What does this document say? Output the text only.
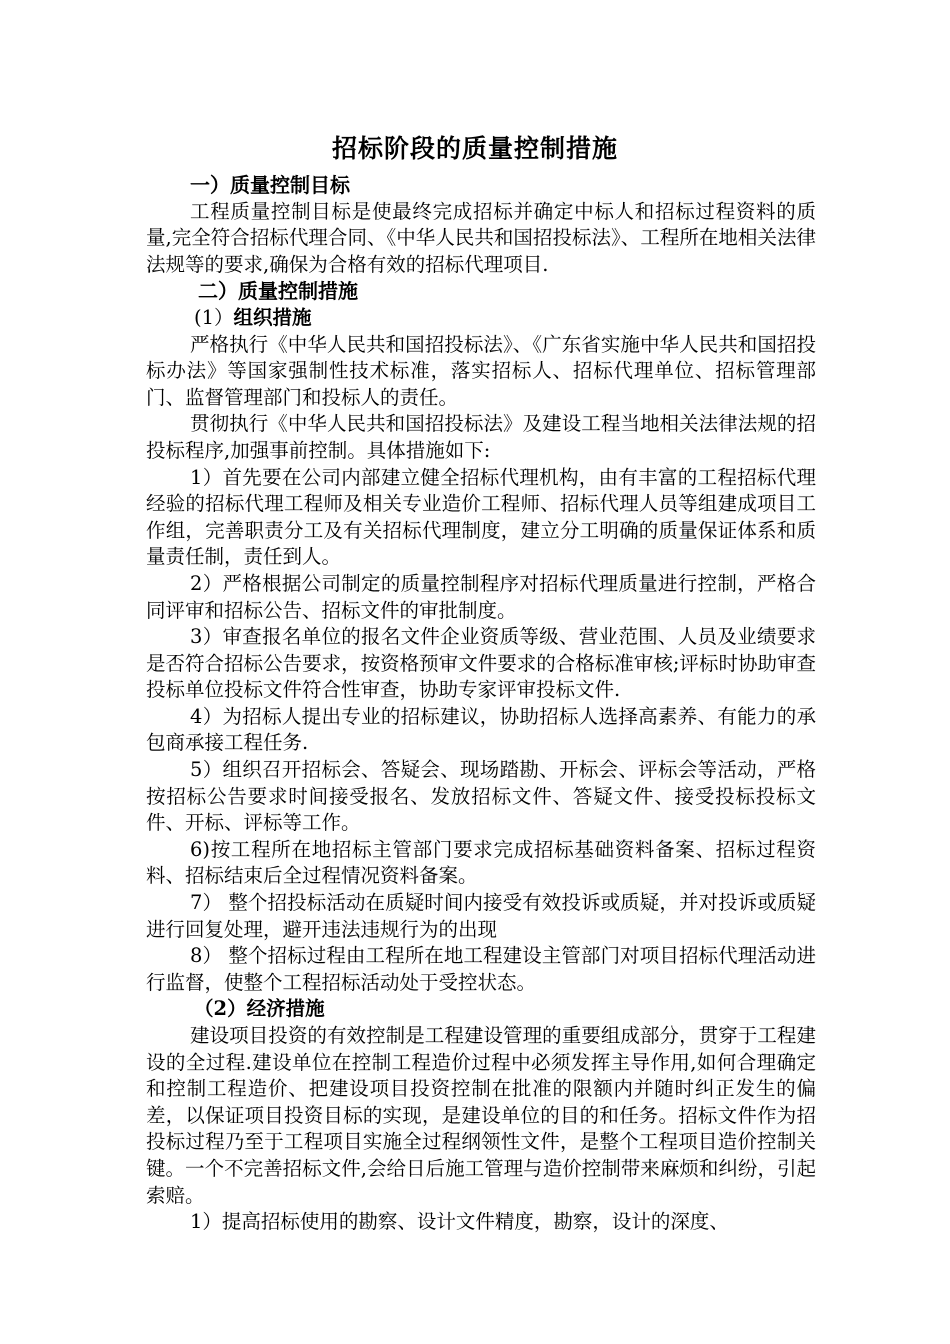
招标阶段的质量控制措施
一）质量控制目标

工程质量控制目标是使最终完成招标并确定中标人和招标过程资料的质量,完全符合招标代理合同、《中华人民共和国招投标法》、工程所在地相关法律法规等的要求,确保为合格有效的招标代理项目.

二）质量控制措施
(1）组织措施

严格执行《中华人民共和国招投标法》、《广东省实施中华人民共和国招投标办法》等国家强制性技术标准，落实招标人、招标代理单位、招标管理部门、监督管理部门和投标人的责任。

贯彻执行《中华人民共和国招投标法》及建设工程当地相关法律法规的招投标程序,加强事前控制。具体措施如下:

1）首先要在公司内部建立健全招标代理机构，由有丰富的工程招标代理经验的招标代理工程师及相关专业造价工程师、招标代理人员等组建成项目工作组，完善职责分工及有关招标代理制度，建立分工明确的质量保证体系和质量责任制，责任到人。

2）严格根据公司制定的质量控制程序对招标代理质量进行控制，严格合同评审和招标公告、招标文件的审批制度。

3）审查报名单位的报名文件企业资质等级、营业范围、人员及业绩要求是否符合招标公告要求，按资格预审文件要求的合格标准审核;评标时协助审查投标单位投标文件符合性审查，协助专家评审投标文件.

4）为招标人提出专业的招标建议，协助招标人选择高素养、有能力的承包商承接工程任务.

5）组织召开招标会、答疑会、现场踏勘、开标会、评标会等活动，严格按招标公告要求时间接受报名、发放招标文件、答疑文件、接受投标投标文件、开标、评标等工作。

6)按工程所在地招标主管部门要求完成招标基础资料备案、招标过程资料、招标结束后全过程情况资料备案。

7） 整个招投标活动在质疑时间内接受有效投诉或质疑，并对投诉或质疑进行回复处理，避开违法违规行为的出现

8） 整个招标过程由工程所在地工程建设主管部门对项目招标代理活动进行监督，使整个工程招标活动处于受控状态。

（2）经济措施

建设项目投资的有效控制是工程建设管理的重要组成部分，贯穿于工程建设的全过程.建设单位在控制工程造价过程中必须发挥主导作用,如何合理确定和控制工程造价、把建设项目投资控制在批准的限额内并随时纠正发生的偏差，以保证项目投资目标的实现，是建设单位的目的和任务。招标文件作为招投标过程乃至于工程项目实施全过程纲领性文件，是整个工程项目造价控制关键。一个不完善招标文件,会给日后施工管理与造价控制带来麻烦和纠纷，引起索赔。

1）提高招标使用的勘察、设计文件精度，勘察，设计的深度、
